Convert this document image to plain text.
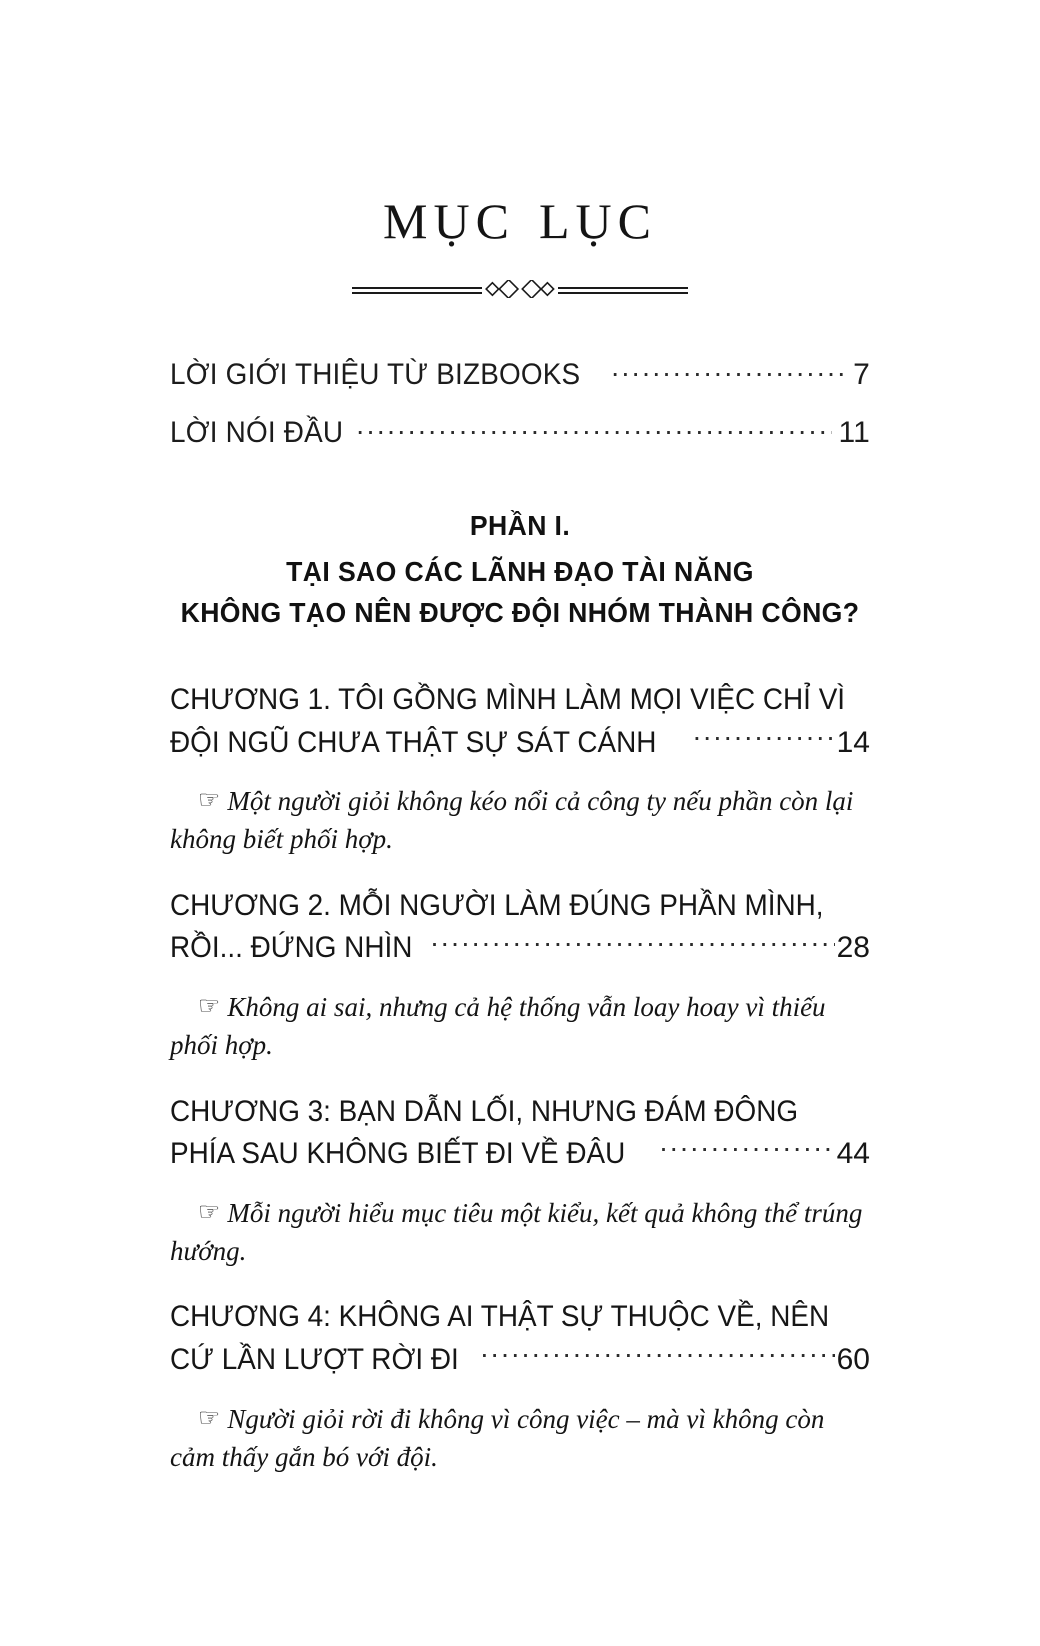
mục lục
LỜI GIỚI THIỆU TỪ BIZBOOKS .....	7
LỜI NÓI ĐẦU .....	11
PHẦN I.
TẠI SAO CÁC LÃNH ĐẠO TÀI NĂNG
KHÔNG TẠO NÊN ĐƯỢC ĐỘI NHÓM THÀNH CÔNG?
CHƯƠNG 1. TÔI GỒNG MÌNH LÀM MỌI VIỆC CHỈ VÌ
ĐỘI NGŨ CHƯA THẬT SỰ SÁT CÁNH .....	14
☞ Một người giỏi không kéo nổi cả công ty nếu phần còn lại không biết phối hợp.
CHƯƠNG 2. MỖI NGƯỜI LÀM ĐÚNG PHẦN MÌNH,
RỒI... ĐỨNG NHÌN .....	28
☞ Không ai sai, nhưng cả hệ thống vẫn loay hoay vì thiếu phối hợp.
CHƯƠNG 3: BẠN DẪN LỐI, NHƯNG ĐÁM ĐÔNG
PHÍA SAU KHÔNG BIẾT ĐI VỀ ĐÂU .....	44
☞ Mỗi người hiểu mục tiêu một kiểu, kết quả không thể trúng hướng.
CHƯƠNG 4: KHÔNG AI THẬT SỰ THUỘC VỀ, NÊN
CỨ LẦN LƯỢT RỜI ĐI .....	60
☞ Người giỏi rời đi không vì công việc – mà vì không còn cảm thấy gắn bó với đội.
